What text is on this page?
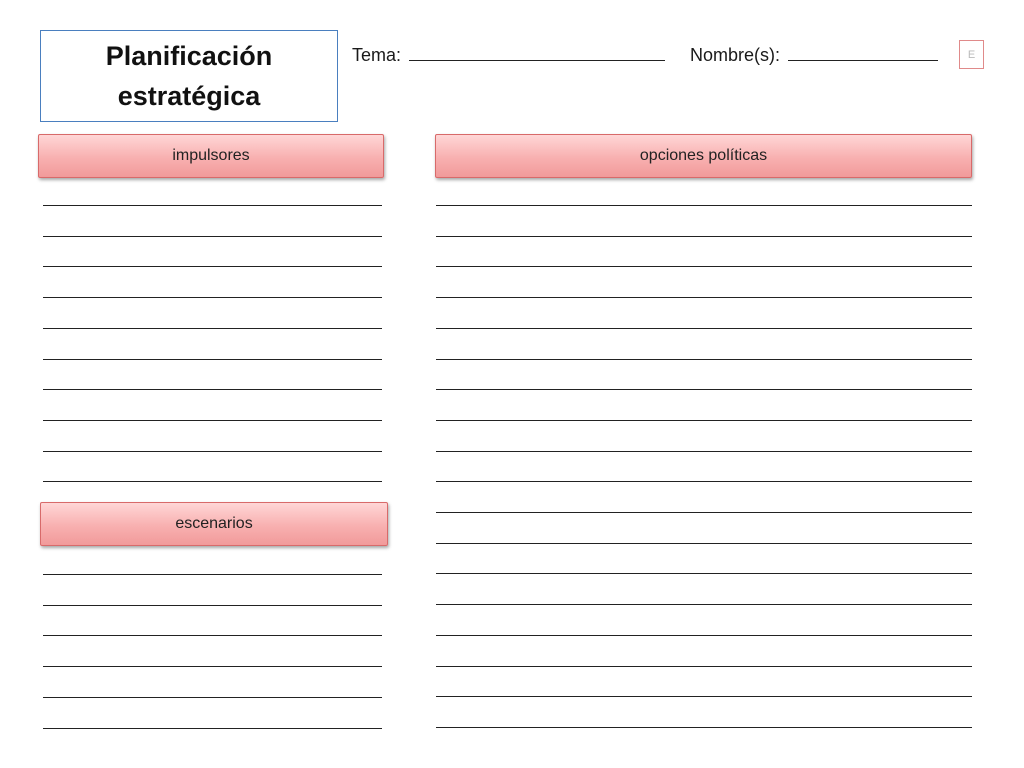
Planificación
estratégica
Tema:	Nombre(s):	E
impulsores	opciones políticas
escenarios
